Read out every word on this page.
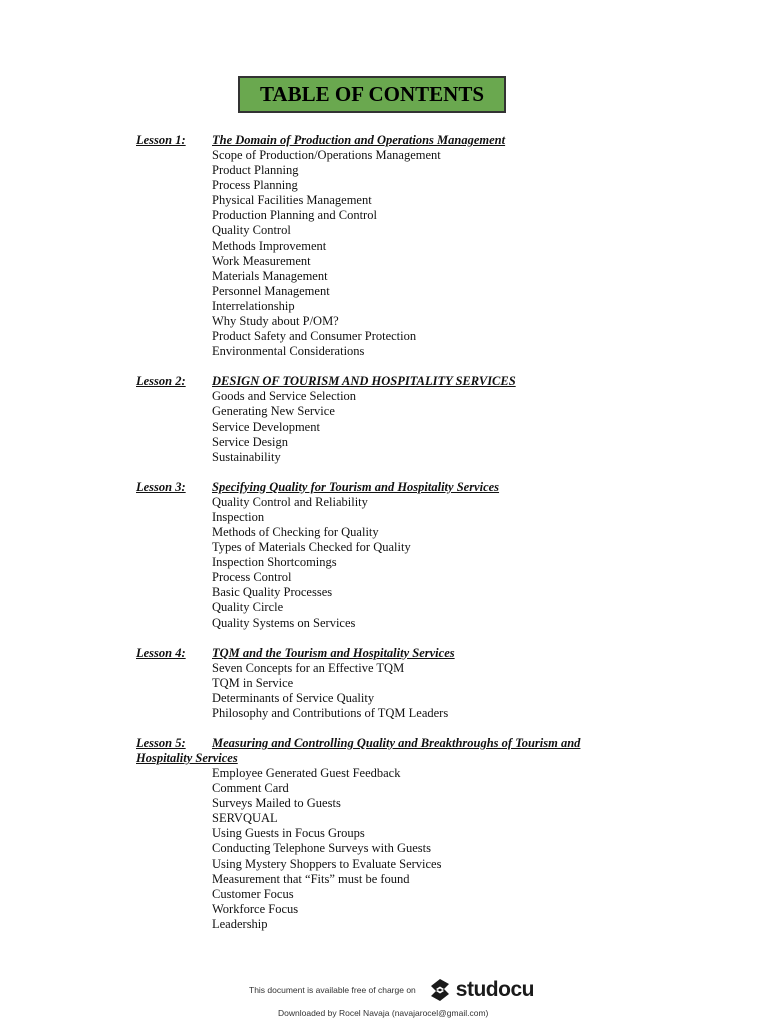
TABLE OF CONTENTS
Lesson 1:	The Domain of Production and Operations Management
Scope of Production/Operations Management
Product Planning
Process Planning
Physical Facilities Management
Production Planning and Control
Quality Control
Methods Improvement
Work Measurement
Materials Management
Personnel Management
Interrelationship
Why Study about P/OM?
Product Safety and Consumer Protection
Environmental Considerations
Lesson 2:	DESIGN OF TOURISM AND HOSPITALITY SERVICES
Goods and Service Selection
Generating New Service
Service Development
Service Design
Sustainability
Lesson 3:	Specifying Quality for Tourism and Hospitality Services
Quality Control and Reliability
Inspection
Methods of Checking for Quality
Types of Materials Checked for Quality
Inspection Shortcomings
Process Control
Basic Quality Processes
Quality Circle
Quality Systems on Services
Lesson 4:	TQM and the Tourism and Hospitality Services
Seven Concepts for an Effective TQM
TQM in Service
Determinants of Service Quality
Philosophy and Contributions of TQM Leaders
Lesson 5:	Measuring and Controlling Quality and Breakthroughs of Tourism and
Hospitality Services
Employee Generated Guest Feedback
Comment Card
Surveys Mailed to Guests
SERVQUAL
Using Guests in Focus Groups
Conducting Telephone Surveys with Guests
Using Mystery Shoppers to Evaluate Services
Measurement that “Fits” must be found
Customer Focus
Workforce Focus
Leadership
This document is available free of charge on studocu
Downloaded by Rocel Navaja (navajarocel@gmail.com)
